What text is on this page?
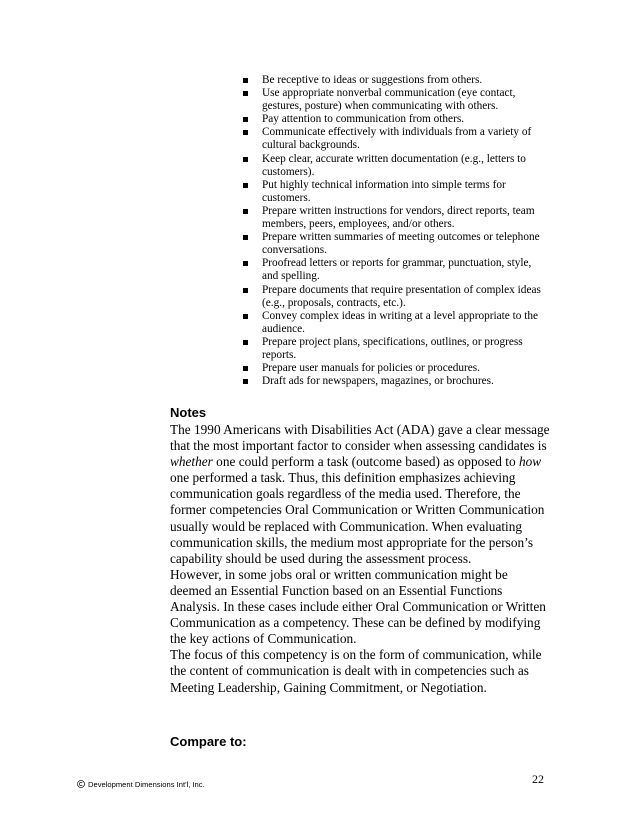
Be receptive to ideas or suggestions from others.
Use appropriate nonverbal communication (eye contact, gestures, posture) when communicating with others.
Pay attention to communication from others.
Communicate effectively with individuals from a variety of cultural backgrounds.
Keep clear, accurate written documentation (e.g., letters to customers).
Put highly technical information into simple terms for customers.
Prepare written instructions for vendors, direct reports, team members, peers, employees, and/or others.
Prepare written summaries of meeting outcomes or telephone conversations.
Proofread letters or reports for grammar, punctuation, style, and spelling.
Prepare documents that require presentation of complex ideas (e.g., proposals, contracts, etc.).
Convey complex ideas in writing at a level appropriate to the audience.
Prepare project plans, specifications, outlines, or progress reports.
Prepare user manuals for policies or procedures.
Draft ads for newspapers, magazines, or brochures.
Notes

The 1990 Americans with Disabilities Act (ADA) gave a clear message that the most important factor to consider when assessing candidates is whether one could perform a task (outcome based) as opposed to how one performed a task. Thus, this definition emphasizes achieving communication goals regardless of the media used. Therefore, the former competencies Oral Communication or Written Communication usually would be replaced with Communication. When evaluating communication skills, the medium most appropriate for the person’s capability should be used during the assessment process.

However, in some jobs oral or written communication might be deemed an Essential Function based on an Essential Functions Analysis. In these cases include either Oral Communication or Written Communication as a competency. These can be defined by modifying the key actions of Communication.

The focus of this competency is on the form of communication, while the content of communication is dealt with in competencies such as Meeting Leadership, Gaining Commitment, or Negotiation.

Compare to:
22
Development Dimensions Int'l, Inc.
